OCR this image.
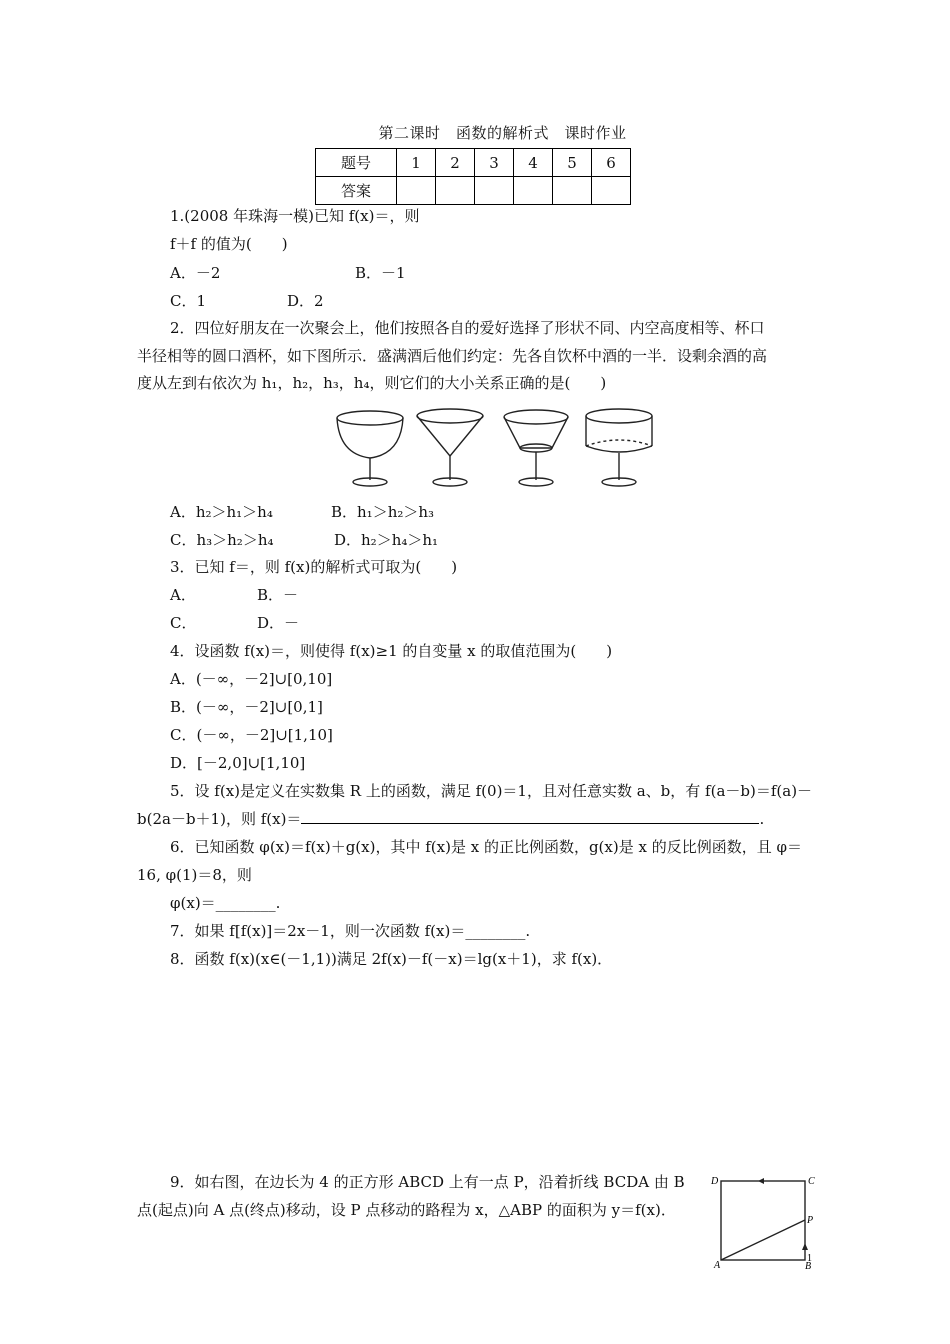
第二课时　函数的解析式　课时作业
题号	1	2	3	4	5	6
答案						
1.(2008 年珠海一模)已知 f(x)＝，则
f＋f 的值为(　　)
A．－2	B．－1
C．1	D．2
2．四位好朋友在一次聚会上，他们按照各自的爱好选择了形状不同、内空高度相等、杯口
半径相等的圆口酒杯，如下图所示．盛满酒后他们约定：先各自饮杯中酒的一半．设剩余酒的高
度从左到右依次为 h₁，h₂，h₃，h₄，则它们的大小关系正确的是(　　)
A．h₂＞h₁＞h₄	B．h₁＞h₂＞h₃
C．h₃＞h₂＞h₄	D．h₂＞h₄＞h₁
3．已知 f＝，则 f(x)的解析式可取为(　　)
A．	B．－
C．	D．－
4．设函数 f(x)＝，则使得 f(x)≥1 的自变量 x 的取值范围为(　　)
A．(－∞，－2]∪[0,10]
B．(－∞，－2]∪[0,1]
C．(－∞，－2]∪[1,10]
D．[－2,0]∪[1,10]
5．设 f(x)是定义在实数集 R 上的函数，满足 f(0)＝1，且对任意实数 a、b，有 f(a－b)＝f(a)－
b(2a－b＋1)，则 f(x)＝	.
6．已知函数 φ(x)＝f(x)＋g(x)，其中 f(x)是 x 的正比例函数，g(x)是 x 的反比例函数，且 φ＝
16, φ(1)＝8，则
φ(x)＝________.
7．如果 f[f(x)]＝2x－1，则一次函数 f(x)＝________.
8．函数 f(x)(x∈(－1,1))满足 2f(x)－f(－x)＝lg(x＋1)，求 f(x)．
9．如右图，在边长为 4 的正方形 ABCD 上有一点 P，沿着折线 BCDA 由 B
点(起点)向 A 点(终点)移动，设 P 点移动的路程为 x，△ABP 的面积为 y＝f(x)．
D	C
P
A	B
1
